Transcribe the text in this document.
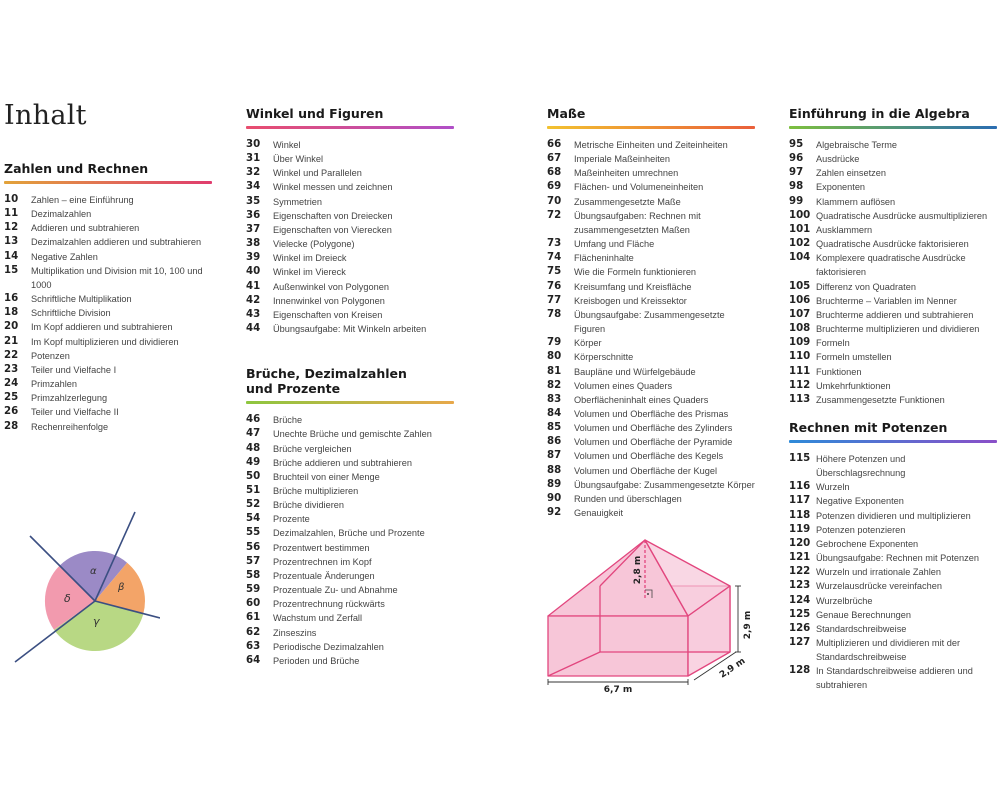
Inhalt
Zahlen und Rechnen
10	Zahlen – eine Einführung
11	Dezimalzahlen
12	Addieren und subtrahieren
13	Dezimalzahlen addieren und subtrahieren
14	Negative Zahlen
15	Multiplikation und Division mit 10, 100 und 1000
16	Schriftliche Multiplikation
18	Schriftliche Division
20	Im Kopf addieren und subtrahieren
21	Im Kopf multiplizieren und dividieren
22	Potenzen
23	Teiler und Vielfache I
24	Primzahlen
25	Primzahlzerlegung
26	Teiler und Vielfache II
28	Rechenreihenfolge
Winkel und Figuren
30	Winkel
31	Über Winkel
32	Winkel und Parallelen
34	Winkel messen und zeichnen
35	Symmetrien
36	Eigenschaften von Dreiecken
37	Eigenschaften von Vierecken
38	Vielecke (Polygone)
39	Winkel im Dreieck
40	Winkel im Viereck
41	Außenwinkel von Polygonen
42	Innenwinkel von Polygonen
43	Eigenschaften von Kreisen
44	Übungsaufgabe: Mit Winkeln arbeiten
Brüche, Dezimalzahlen
und Prozente
46	Brüche
47	Unechte Brüche und gemischte Zahlen
48	Brüche vergleichen
49	Brüche addieren und subtrahieren
50	Bruchteil von einer Menge
51	Brüche multiplizieren
52	Brüche dividieren
54	Prozente
55	Dezimalzahlen, Brüche und Prozente
56	Prozentwert bestimmen
57	Prozentrechnen im Kopf
58	Prozentuale Änderungen
59	Prozentuale Zu- und Abnahme
60	Prozentrechnung rückwärts
61	Wachstum und Zerfall
62	Zinseszins
63	Periodische Dezimalzahlen
64	Perioden und Brüche
Maße
66	Metrische Einheiten und Zeiteinheiten
67	Imperiale Maßeinheiten
68	Maßeinheiten umrechnen
69	Flächen- und Volumeneinheiten
70	Zusammengesetzte Maße
72	Übungsaufgaben: Rechnen mit zusammengesetzten Maßen
73	Umfang und Fläche
74	Flächeninhalte
75	Wie die Formeln funktionieren
76	Kreisumfang und Kreisfläche
77	Kreisbogen und Kreissektor
78	Übungsaufgabe: Zusammengesetzte Figuren
79	Körper
80	Körperschnitte
81	Baupläne und Würfelgebäude
82	Volumen eines Quaders
83	Oberflächeninhalt eines Quaders
84	Volumen und Oberfläche des Prismas
85	Volumen und Oberfläche des Zylinders
86	Volumen und Oberfläche der Pyramide
87	Volumen und Oberfläche des Kegels
88	Volumen und Oberfläche der Kugel
89	Übungsaufgabe: Zusammengesetzte Körper
90	Runden und überschlagen
92	Genauigkeit
Einführung in die Algebra
95	Algebraische Terme
96	Ausdrücke
97	Zahlen einsetzen
98	Exponenten
99	Klammern auflösen
100 Quadratische Ausdrücke ausmultiplizieren
101 Ausklammern
102 Quadratische Ausdrücke faktorisieren
104 Komplexere quadratische Ausdrücke faktorisieren
105 Differenz von Quadraten
106 Bruchterme – Variablen im Nenner
107 Bruchterme addieren und subtrahieren
108 Bruchterme multiplizieren und dividieren
109 Formeln
110 Formeln umstellen
111 Funktionen
112 Umkehrfunktionen
113 Zusammengesetzte Funktionen
Rechnen mit Potenzen
115 Höhere Potenzen und Überschlagsrechnung
116 Wurzeln
117 Negative Exponenten
118 Potenzen dividieren und multiplizieren
119 Potenzen potenzieren
120 Gebrochene Exponenten
121 Übungsaufgabe: Rechnen mit Potenzen
122 Wurzeln und irrationale Zahlen
123 Wurzelausdrücke vereinfachen
124 Wurzelbrüche
125 Genaue Berechnungen
126 Standardschreibweise
127 Multiplizieren und dividieren mit der Standardschreibweise
128 In Standardschreibweise addieren und subtrahieren
α
β
γ
δ
6,7 m
2,9 m
2,9 m
2,8 m
